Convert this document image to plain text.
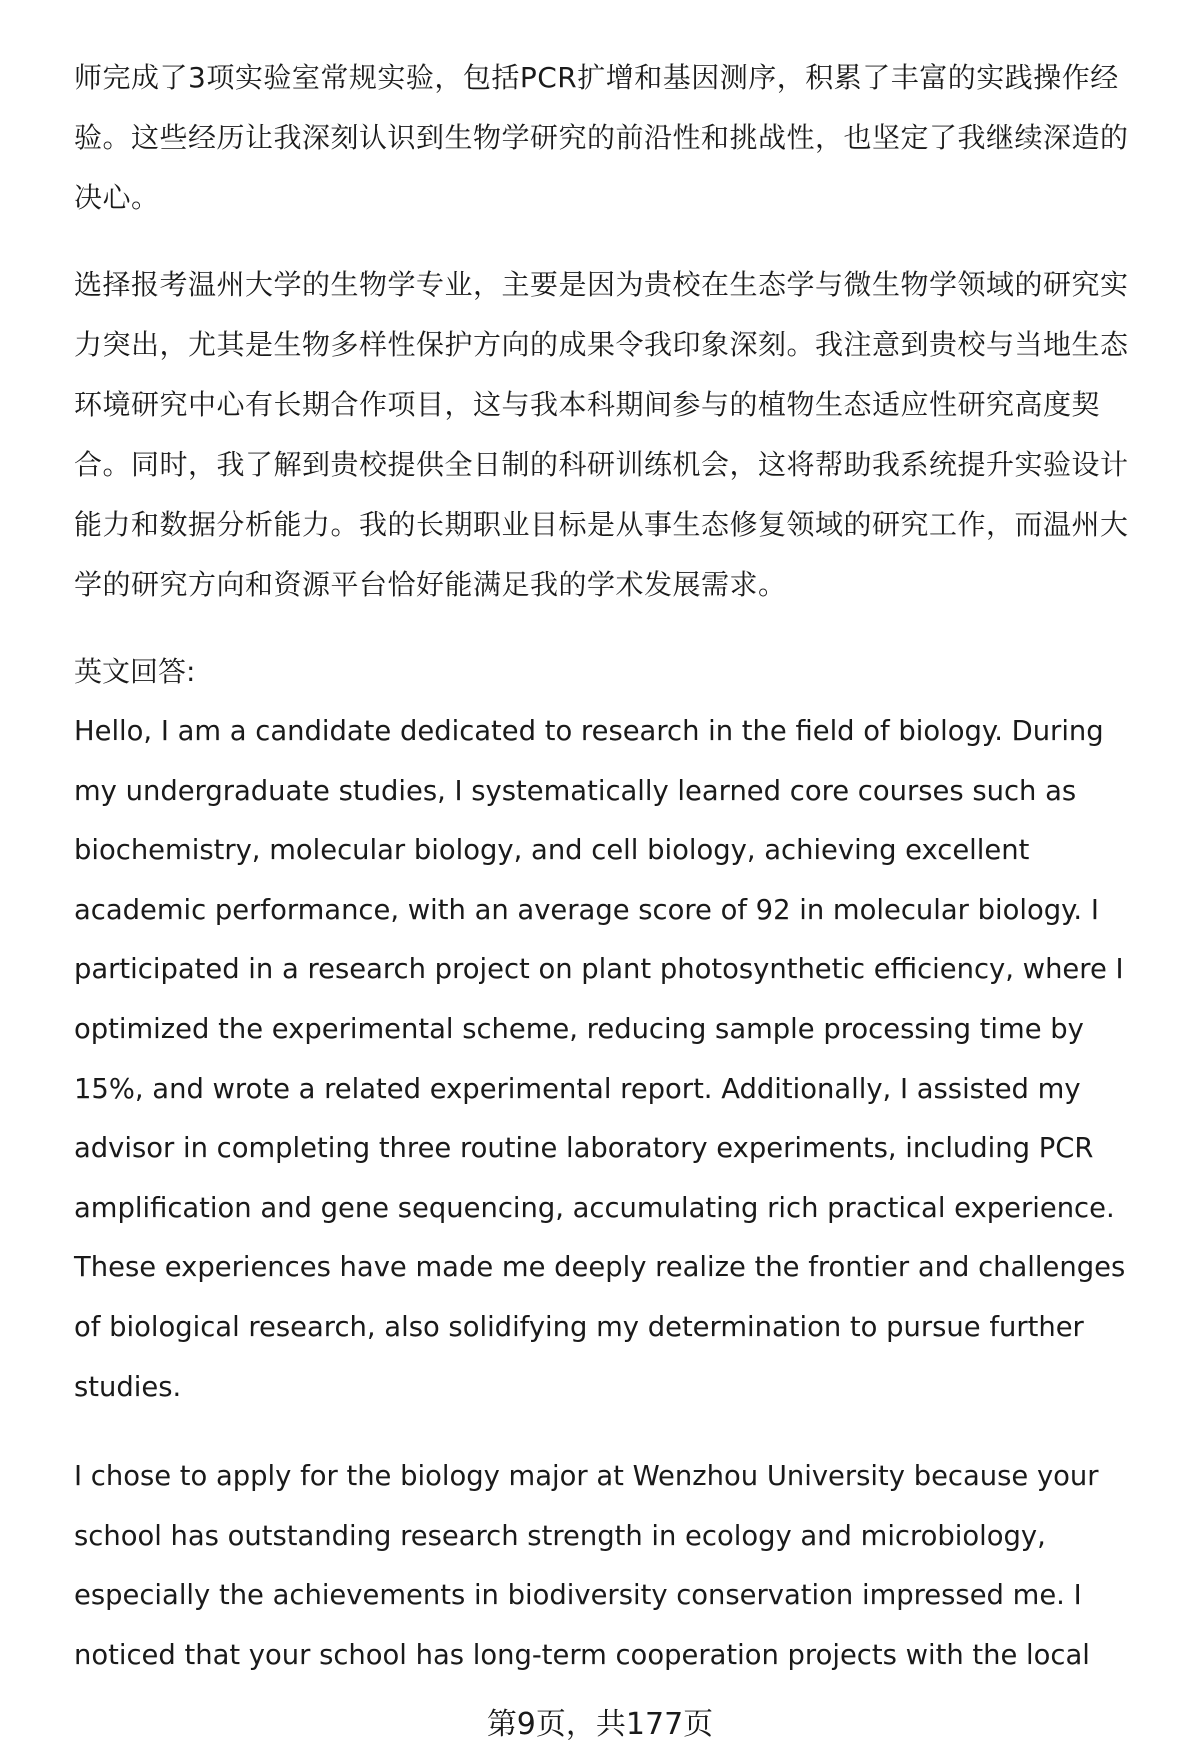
师完成了3项实验室常规实验，包括PCR扩增和基因测序，积累了丰富的实践操作经验。这些经历让我深刻认识到生物学研究的前沿性和挑战性，也坚定了我继续深造的决心。

选择报考温州大学的生物学专业，主要是因为贵校在生态学与微生物学领域的研究实力突出，尤其是生物多样性保护方向的成果令我印象深刻。我注意到贵校与当地生态环境研究中心有长期合作项目，这与我本科期间参与的植物生态适应性研究高度契合。同时，我了解到贵校提供全日制的科研训练机会，这将帮助我系统提升实验设计能力和数据分析能力。我的长期职业目标是从事生态修复领域的研究工作，而温州大学的研究方向和资源平台恰好能满足我的学术发展需求。

英文回答:

Hello, I am a candidate dedicated to research in the field of biology. During my undergraduate studies, I systematically learned core courses such as biochemistry, molecular biology, and cell biology, achieving excellent academic performance, with an average score of 92 in molecular biology. I participated in a research project on plant photosynthetic efficiency, where I optimized the experimental scheme, reducing sample processing time by 15%, and wrote a related experimental report. Additionally, I assisted my advisor in completing three routine laboratory experiments, including PCR amplification and gene sequencing, accumulating rich practical experience. These experiences have made me deeply realize the frontier and challenges of biological research, also solidifying my determination to pursue further studies.

I chose to apply for the biology major at Wenzhou University because your school has outstanding research strength in ecology and microbiology, especially the achievements in biodiversity conservation impressed me. I noticed that your school has long-term cooperation projects with the local

第9页，共177页
